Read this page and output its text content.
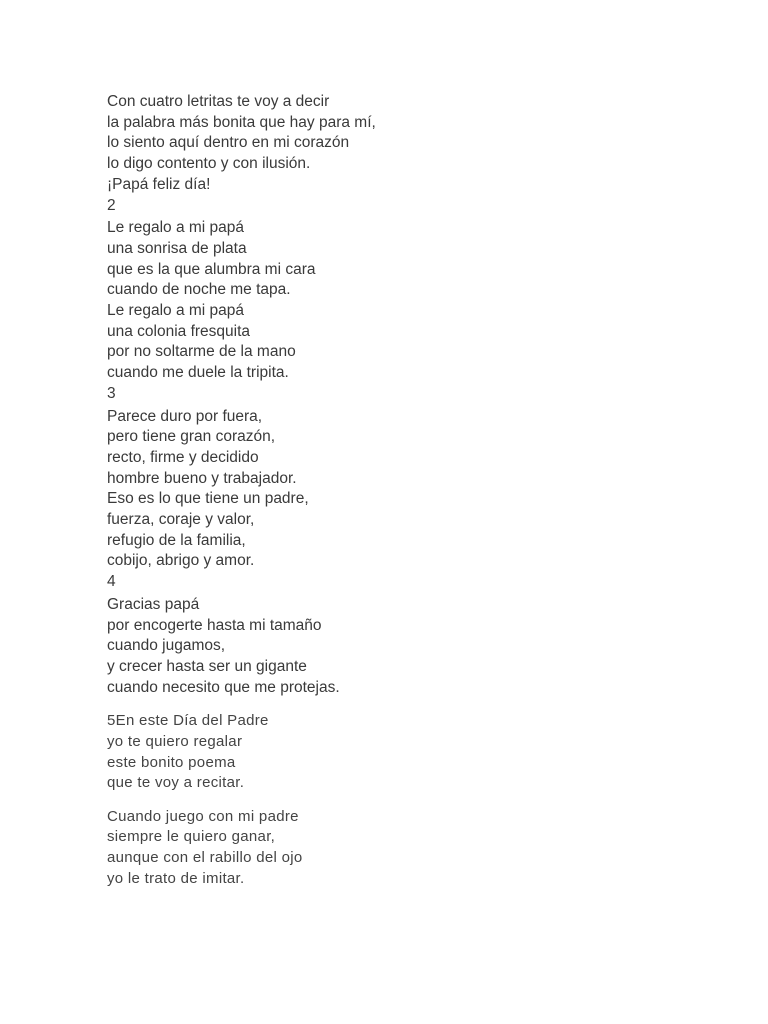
Con cuatro letritas te voy a decir
la palabra más bonita que hay para mí,
lo siento aquí dentro en mi corazón
lo digo contento y con ilusión.
¡Papá feliz día!
2
Le regalo a mi papá
una sonrisa de plata
que es la que alumbra mi cara
cuando de noche me tapa.
Le regalo a mi papá
una colonia fresquita
por no soltarme de la mano
cuando me duele la tripita.
3
Parece duro por fuera,
pero tiene gran corazón,
recto, firme y decidido
hombre bueno y trabajador.
Eso es lo que tiene un padre,
fuerza, coraje y valor,
refugio de la familia,
cobijo, abrigo y amor.
4
Gracias papá
por encogerte hasta mi tamaño
cuando jugamos,
y crecer hasta ser un gigante
cuando necesito que me protejas.
5En este Día del Padre
yo te quiero regalar
este bonito poema
que te voy a recitar.
Cuando juego con mi padre
siempre le quiero ganar,
aunque con el rabillo del ojo
yo le trato de imitar.
